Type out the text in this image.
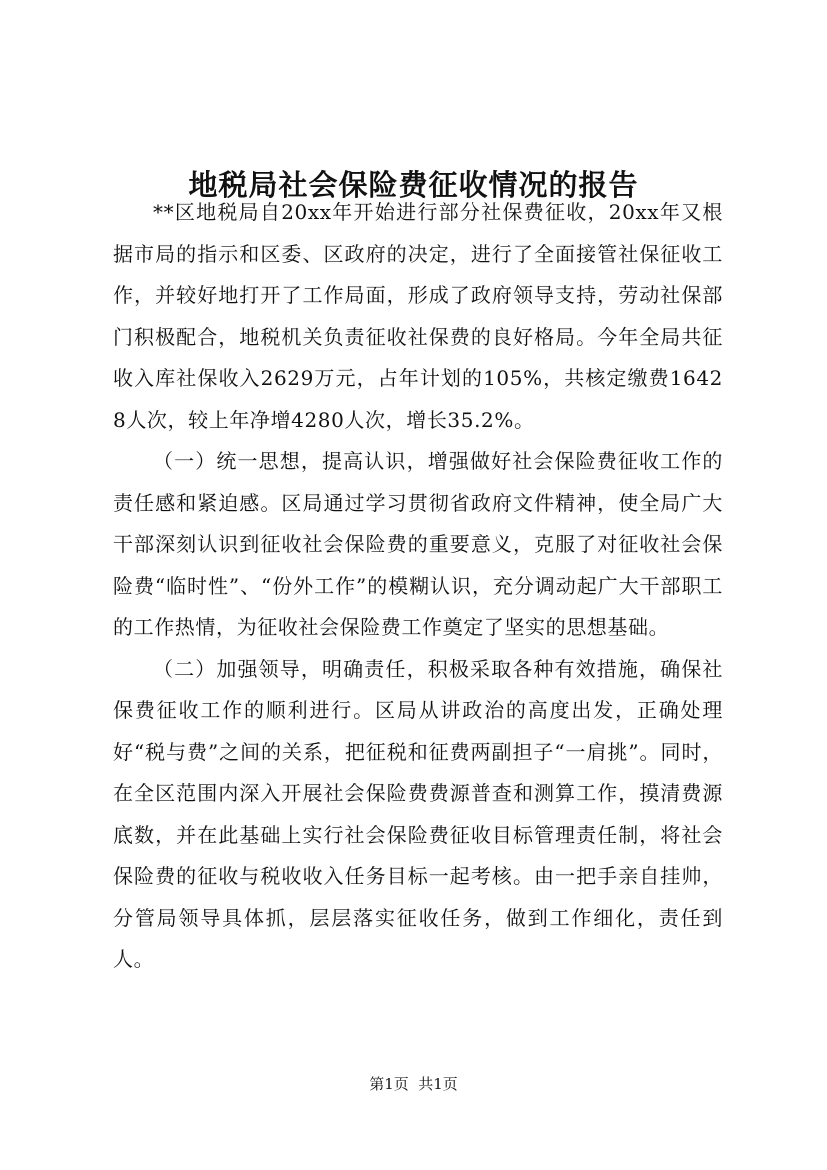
地税局社会保险费征收情况的报告

**区地税局自20xx年开始进行部分社保费征收，20xx年又根据市局的指示和区委、区政府的决定，进行了全面接管社保征收工作，并较好地打开了工作局面，形成了政府领导支持，劳动社保部门积极配合，地税机关负责征收社保费的良好格局。今年全局共征收入库社保收入2629万元，占年计划的105%，共核定缴费16428人次，较上年净增4280人次，增长35.2%。

（一）统一思想，提高认识，增强做好社会保险费征收工作的责任感和紧迫感。区局通过学习贯彻省政府文件精神，使全局广大干部深刻认识到征收社会保险费的重要意义，克服了对征收社会保险费“临时性”、“份外工作”的模糊认识，充分调动起广大干部职工的工作热情，为征收社会保险费工作奠定了坚实的思想基础。

（二）加强领导，明确责任，积极采取各种有效措施，确保社保费征收工作的顺利进行。区局从讲政治的高度出发，正确处理好“税与费”之间的关系，把征税和征费两副担子“一肩挑”。同时，在全区范围内深入开展社会保险费费源普查和测算工作，摸清费源底数，并在此基础上实行社会保险费征收目标管理责任制，将社会保险费的征收与税收收入任务目标一起考核。由一把手亲自挂帅，分管局领导具体抓，层层落实征收任务，做到工作细化，责任到人。

第1页  共1页
